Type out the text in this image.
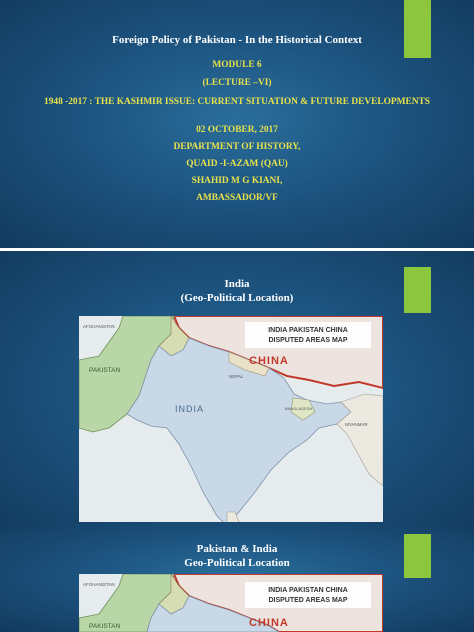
Foreign Policy of Pakistan - In the Historical Context
MODULE 6
(LECTURE –VI)
1948 -2017 : THE KASHMIR ISSUE: CURRENT SITUATION & FUTURE DEVELOPMENTS
02 OCTOBER, 2017
DEPARTMENT OF HISTORY,
QUAID -I-AZAM (QAU)
SHAHID M G KIANI,
AMBASSADOR/VF
India
(Geo-Political Location)
INDIA PAKISTAN CHINA
DISPUTED AREAS MAP
CHINA
INDIA
PAKISTAN
AFGHANISTAN
NEPAL
BANGLADESH
MYANMAR
Pakistan & India
Geo-Political Location
INDIA PAKISTAN CHINA
DISPUTED AREAS MAP
CHINA
PAKISTAN
AFGHANISTAN
